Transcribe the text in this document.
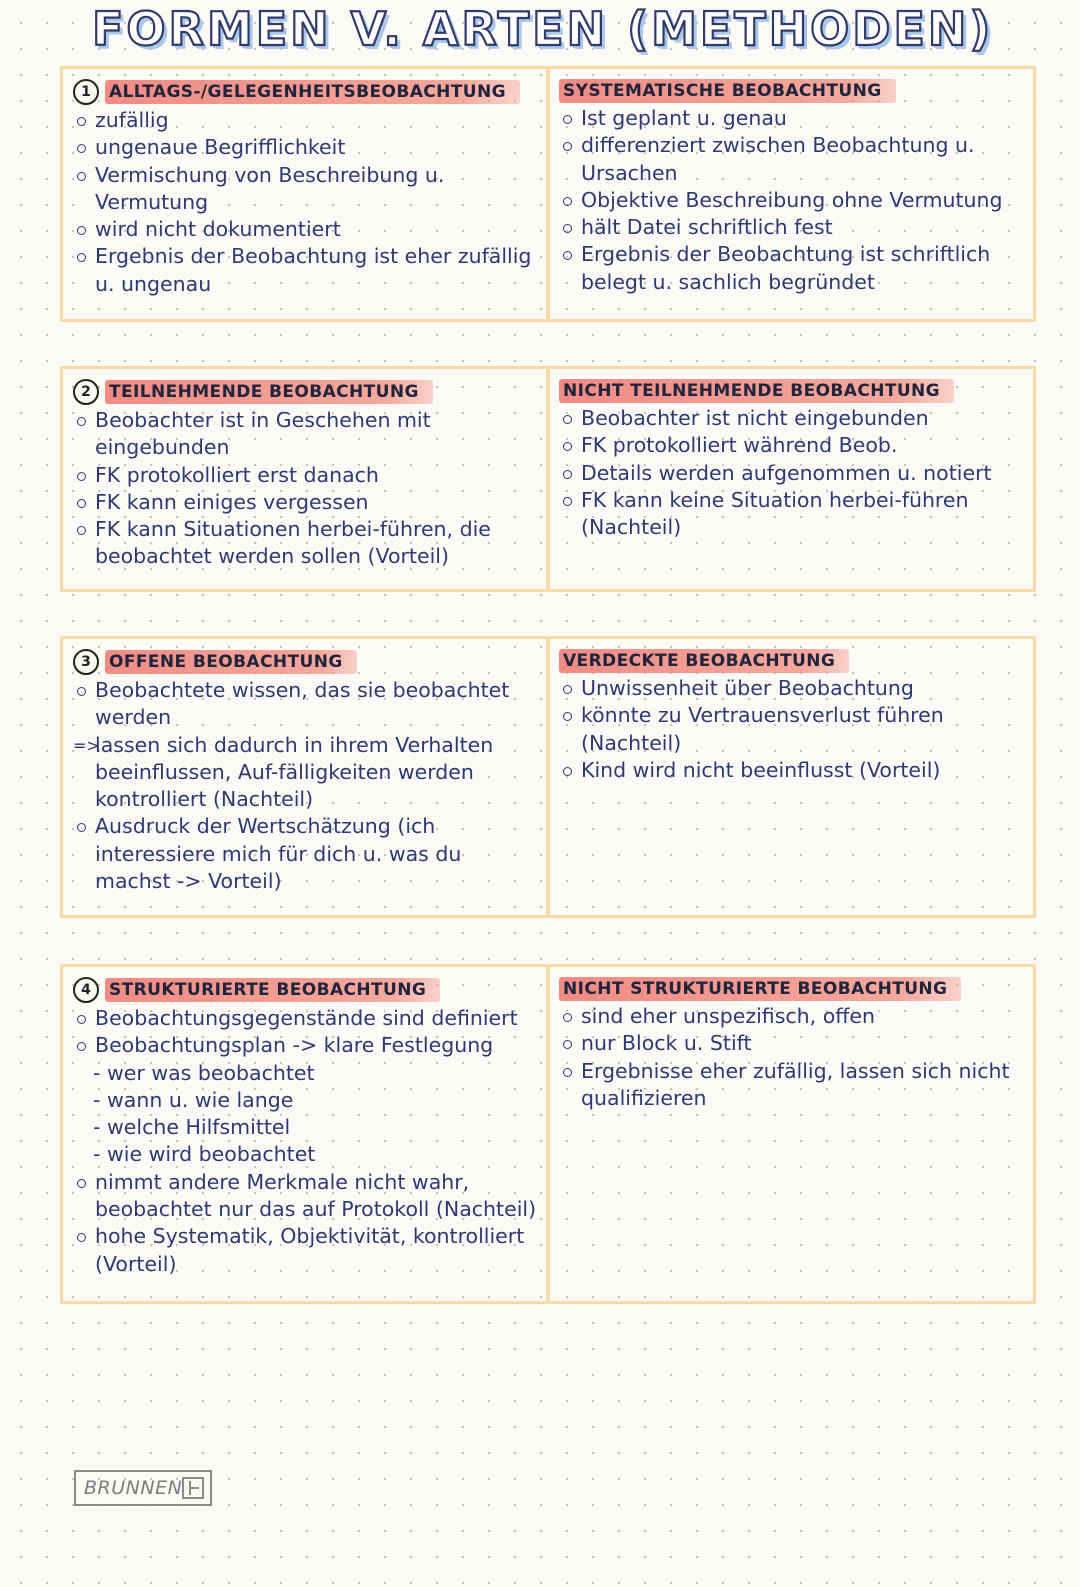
FORMEN V. ARTEN (METHODEN)
1	ALLTAGS-/GELEGENHEITSBEOBACHTUNG
zufällig
ungenaue Begrifflichkeit
Vermischung von Beschreibung u. Vermutung
wird nicht dokumentiert
Ergebnis der Beobachtung ist eher zufällig u. ungenau
SYSTEMATISCHE BEOBACHTUNG
Ist geplant u. genau
differenziert zwischen Beobachtung u. Ursachen
Objektive Beschreibung ohne Vermutung
hält Datei schriftlich fest
Ergebnis der Beobachtung ist schriftlich belegt u. sachlich begründet
2	TEILNEHMENDE BEOBACHTUNG
Beobachter ist in Geschehen mit eingebunden
FK protokolliert erst danach
FK kann einiges vergessen
FK kann Situationen herbei-führen, die beobachtet werden sollen (Vorteil)
NICHT TEILNEHMENDE BEOBACHTUNG
Beobachter ist nicht eingebunden
FK protokolliert während Beob.
Details werden aufgenommen u. notiert
FK kann keine Situation herbei-führen (Nachteil)
3	OFFENE BEOBACHTUNG
Beobachtete wissen, das sie beobachtet werden
=> lassen sich dadurch in ihrem Verhalten beeinflussen, Auf-fälligkeiten werden kontrolliert (Nachteil)
Ausdruck der Wertschätzung (ich interessiere mich für dich u. was du machst -> Vorteil)
VERDECKTE BEOBACHTUNG
Unwissenheit über Beobachtung
könnte zu Vertrauensverlust führen (Nachteil)
Kind wird nicht beeinflusst (Vorteil)
4	STRUKTURIERTE BEOBACHTUNG
Beobachtungsgegenstände sind definiert
Beobachtungsplan -> klare Festlegung
- wer was beobachtet
- wann u. wie lange
- welche Hilfsmittel
- wie wird beobachtet
nimmt andere Merkmale nicht wahr, beobachtet nur das auf Protokoll (Nachteil)
hohe Systematik, Objektivität, kontrolliert (Vorteil)
NICHT STRUKTURIERTE BEOBACHTUNG
sind eher unspezifisch, offen
nur Block u. Stift
Ergebnisse eher zufällig, lassen sich nicht qualifizieren
BRUNNEN
